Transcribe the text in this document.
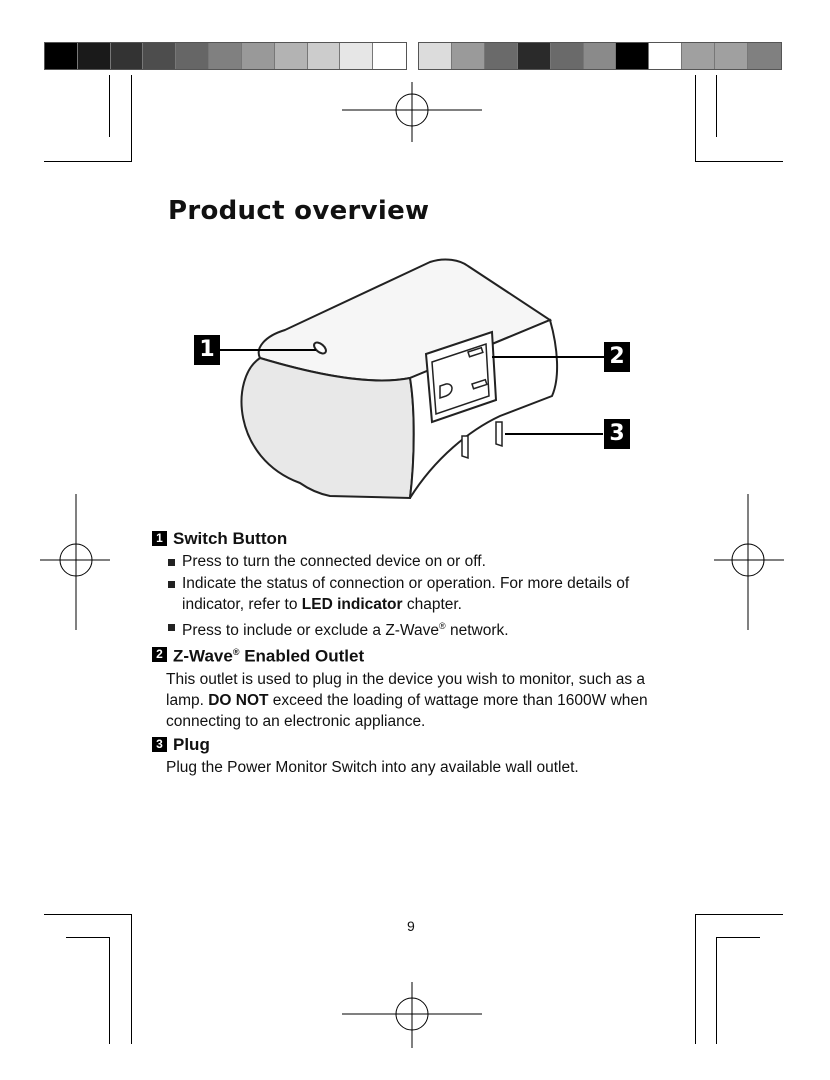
Product overview
1	2
3
1 Switch Button
Press to turn the connected device on or off.
Indicate the status of connection or operation. For more details of indicator, refer to LED indicator chapter.
Press to include or exclude a Z-Wave® network.
2 Z-Wave® Enabled Outlet

This outlet is used to plug in the device you wish to monitor, such as a lamp. DO NOT exceed the loading of wattage more than 1600W when connecting to an electronic appliance.

3 Plug

Plug the Power Monitor Switch into any available wall outlet.

9
